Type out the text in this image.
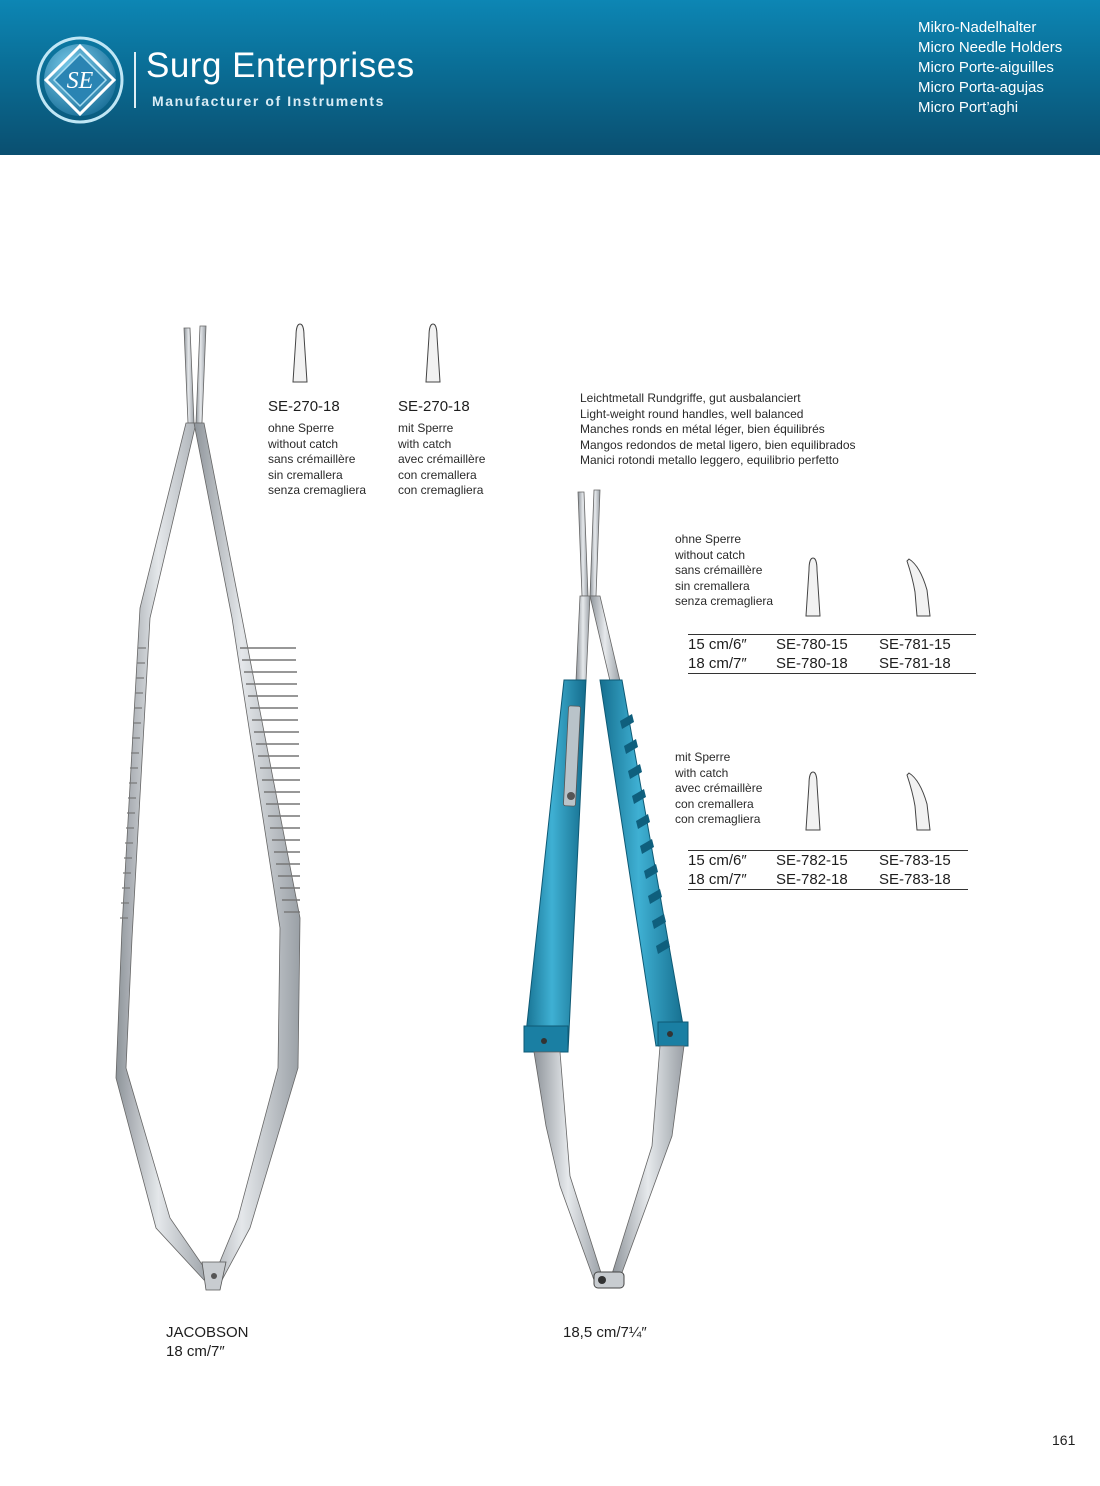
SE Surg Enterprises
Manufacturer of Instruments
Mikro-Nadelhalter
Micro Needle Holders
Micro Porte-aiguilles
Micro Porta-agujas
Micro Port’aghi
SE-270-18
ohne Sperre
without catch
sans crémaillère
sin cremallera
senza cremagliera
SE-270-18
mit Sperre
with catch
avec crémaillère
con cremallera
con cremagliera
Leichtmetall Rundgriffe, gut ausbalanciert
Light-weight round handles, well balanced
Manches ronds en métal léger, bien équilibrés
Mangos redondos de metal ligero, bien equilibrados
Manici rotondi metallo leggero, equilibrio perfetto
ohne Sperre
without catch
sans crémaillère
sin cremallera
senza cremagliera
15 cm/6″ SE-780-15 SE-781-15
18 cm/7″ SE-780-18 SE-781-18
mit Sperre
with catch
avec crémaillère
con cremallera
con cremagliera
15 cm/6″ SE-782-15 SE-783-15
18 cm/7″ SE-782-18 SE-783-18
JACOBSON
18 cm/7″
18,5 cm/7¼″
161
